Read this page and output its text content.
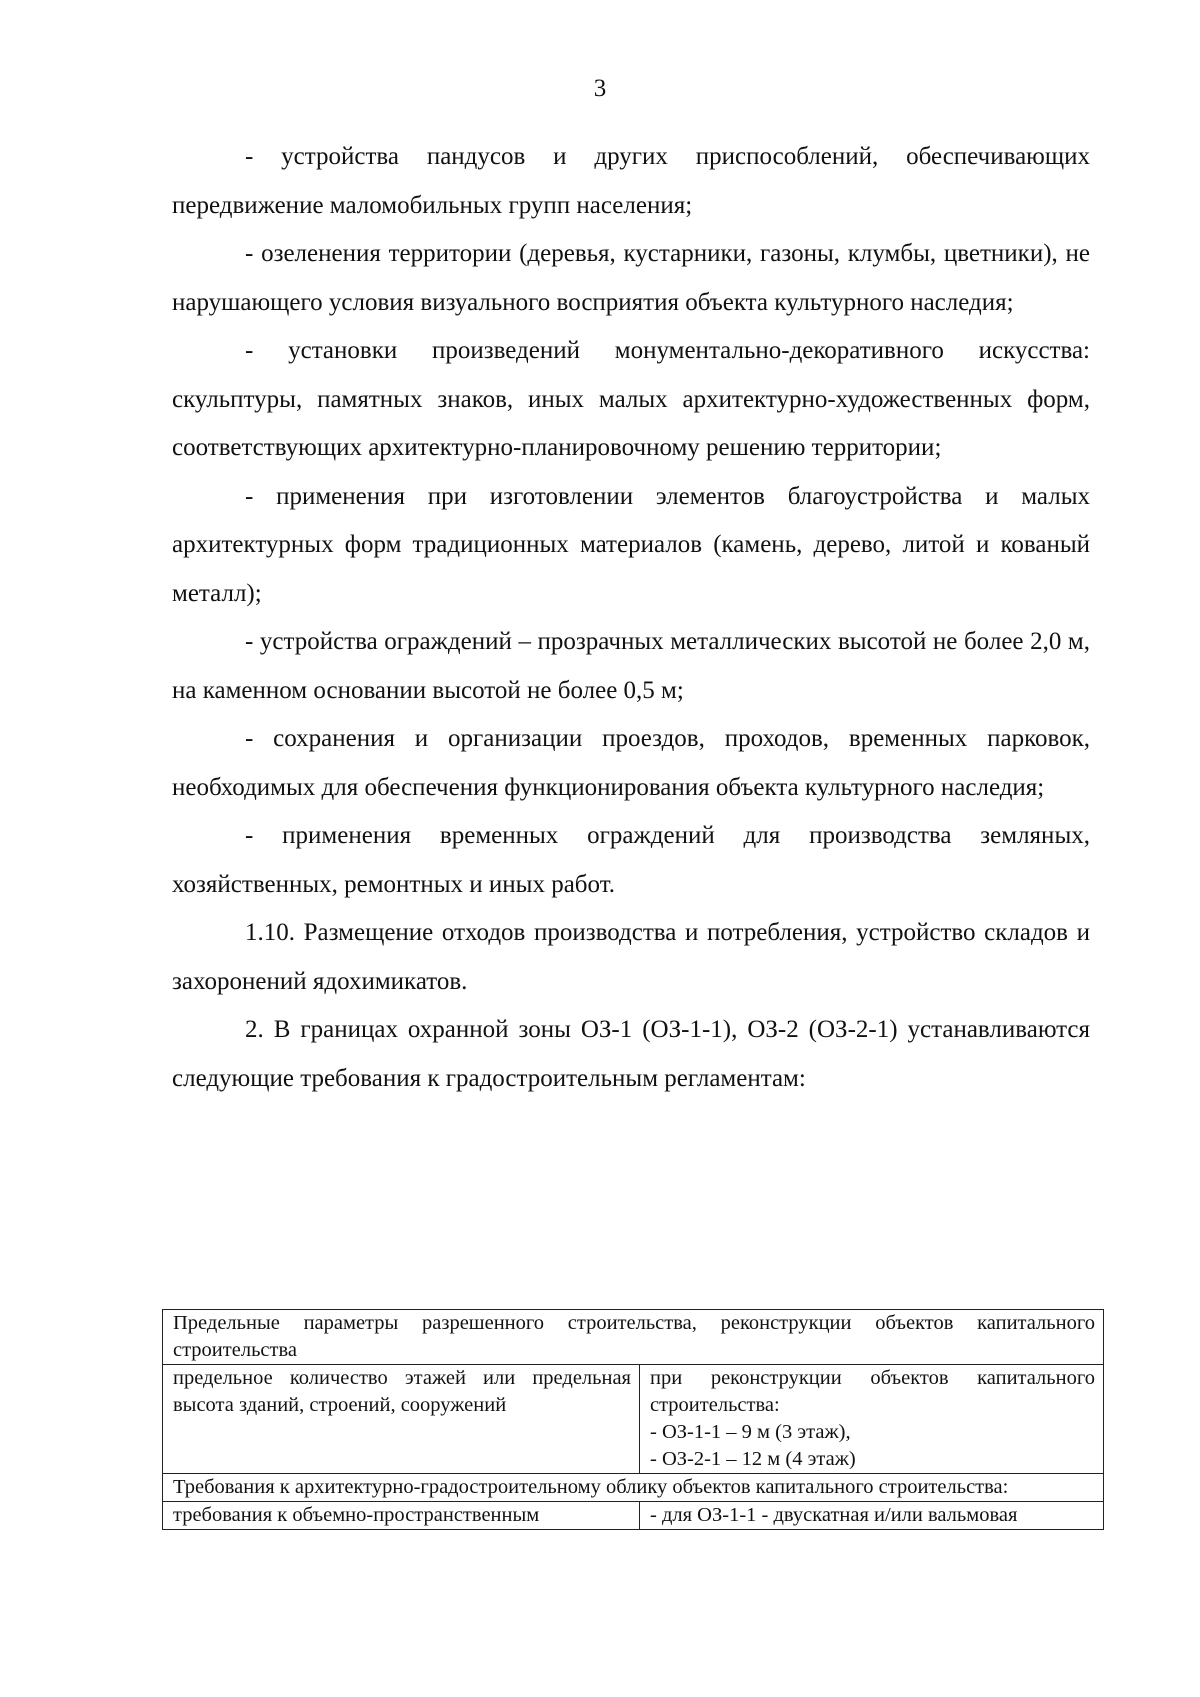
3

- устройства пандусов и других приспособлений, обеспечивающих передвижение маломобильных групп населения;

- озеленения территории (деревья, кустарники, газоны, клумбы, цветники), не нарушающего условия визуального восприятия объекта культурного наследия;

- установки произведений монументально-декоративного искусства: скульптуры, памятных знаков, иных малых архитектурно-художественных форм, соответствующих архитектурно-планировочному решению территории;

- применения при изготовлении элементов благоустройства и малых архитектурных форм традиционных материалов (камень, дерево, литой и кованый металл);

- устройства ограждений – прозрачных металлических высотой не более 2,0 м, на каменном основании высотой не более 0,5 м;

- сохранения и организации проездов, проходов, временных парковок, необходимых для обеспечения функционирования объекта культурного наследия;

- применения временных ограждений для производства земляных, хозяйственных, ремонтных и иных работ.

1.10. Размещение отходов производства и потребления, устройство складов и захоронений ядохимикатов.

2. В границах охранной зоны ОЗ-1 (ОЗ-1-1), ОЗ-2 (ОЗ-2-1) устанавливаются следующие требования к градостроительным регламентам:

Предельные параметры разрешенного строительства, реконструкции объектов капитального строительства	
предельное количество этажей или предельная высота зданий, строений, сооружений	при реконструкции объектов капитального строительства:
- ОЗ-1-1 – 9 м (3 этаж),
- ОЗ-2-1 – 12 м (4 этаж)

Требования к архитектурно-градостроительному облику объектов капитального строительства:	
требования к объемно-пространственным	- для ОЗ-1-1 - двускатная и/или вальмовая
